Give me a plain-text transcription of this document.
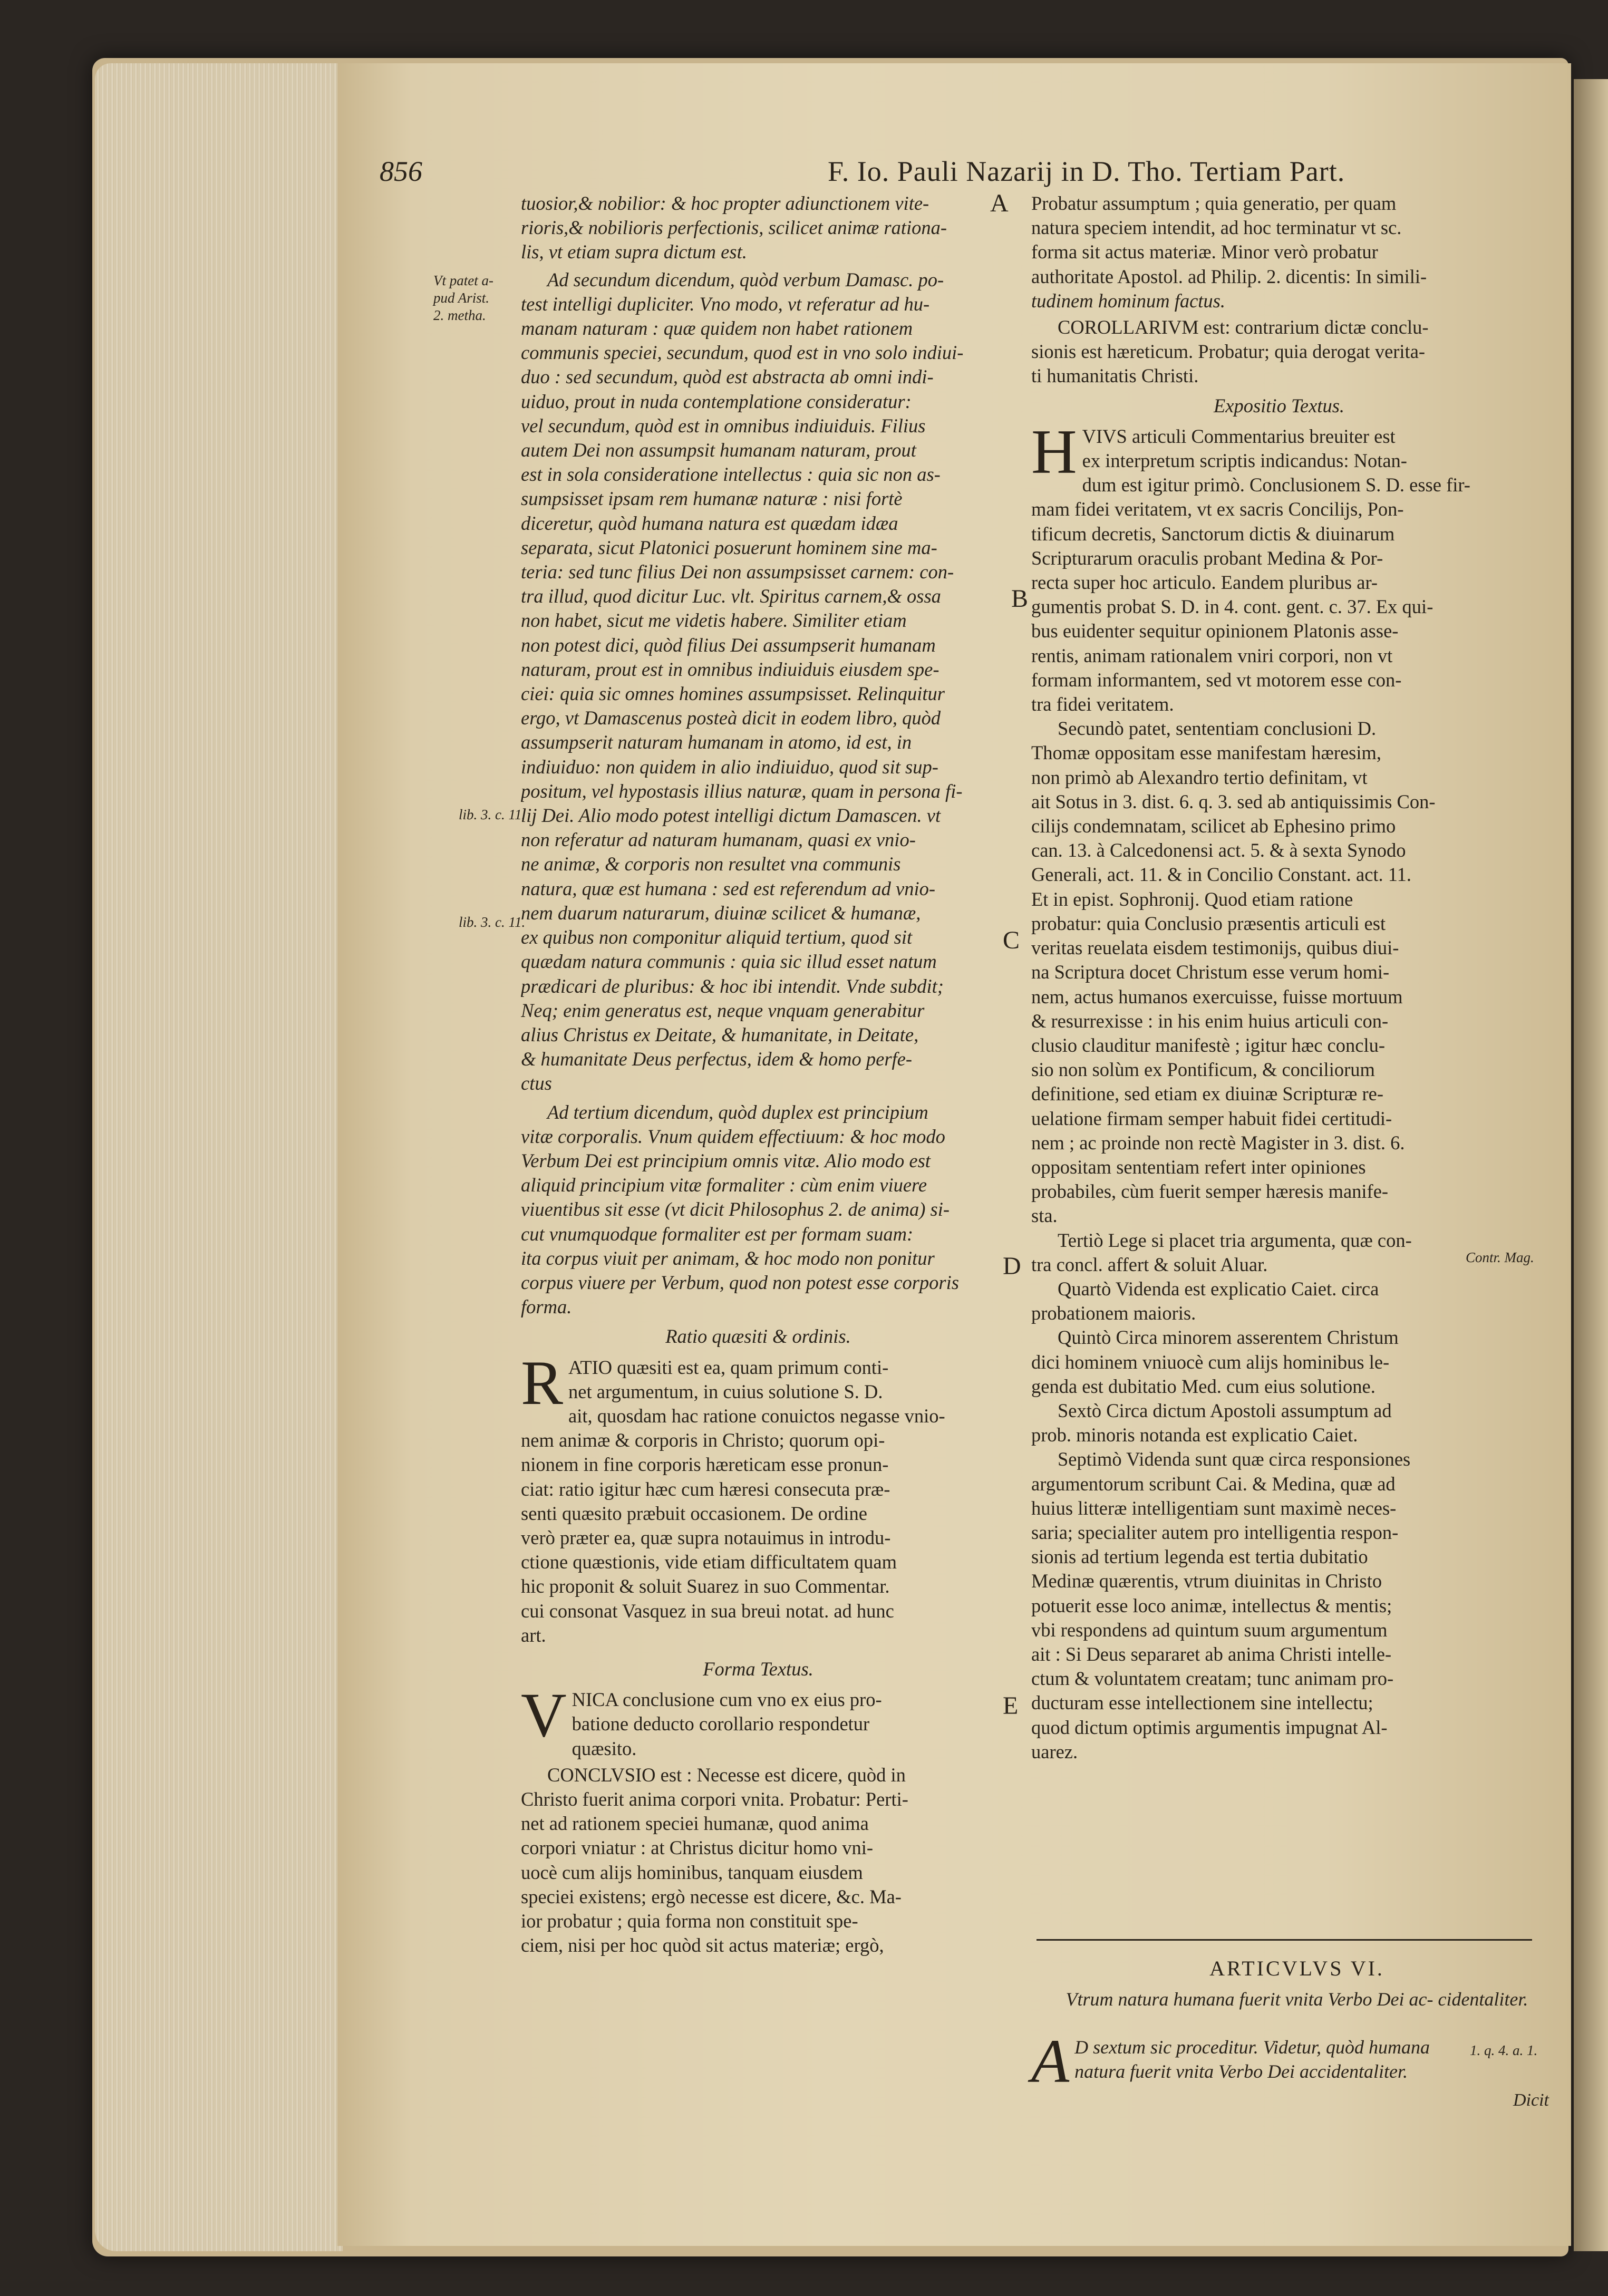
856	F. Io. Pauli Nazarij in D. Tho. Tertiam Part.
Vt patet a-
pud Arist.
2. metha.
lib. 3. c. 11.
lib. 3. c. 11.
1. q. 4. a. 1.
Contr. Mag.
A
B
C
D
E
tuosior,& nobilior: & hoc propter adiunctionem vite-
rioris,& nobilioris perfectionis, scilicet animæ rationa-
lis, vt etiam supra dictum est.
Ad secundum dicendum, quòd verbum Damasc. po-
test intelligi dupliciter. Vno modo, vt referatur ad hu-
manam naturam : quæ quidem non habet rationem
communis speciei, secundum, quod est in vno solo indiui-
duo : sed secundum, quòd est abstracta ab omni indi-
uiduo, prout in nuda contemplatione consideratur:
vel secundum, quòd est in omnibus indiuiduis. Filius
autem Dei non assumpsit humanam naturam, prout
est in sola consideratione intellectus : quia sic non as-
sumpsisset ipsam rem humanæ naturæ : nisi fortè
diceretur, quòd humana natura est quædam idæa
separata, sicut Platonici posuerunt hominem sine ma-
teria: sed tunc filius Dei non assumpsisset carnem: con-
tra illud, quod dicitur Luc. vlt. Spiritus carnem,& ossa
non habet, sicut me videtis habere. Similiter etiam
non potest dici, quòd filius Dei assumpserit humanam
naturam, prout est in omnibus indiuiduis eiusdem spe-
ciei: quia sic omnes homines assumpsisset. Relinquitur
ergo, vt Damascenus posteà dicit in eodem libro, quòd
assumpserit naturam humanam in atomo, id est, in
indiuiduo: non quidem in alio indiuiduo, quod sit sup-
positum, vel hypostasis illius naturæ, quam in persona fi-
lij Dei. Alio modo potest intelligi dictum Damascen. vt
non referatur ad naturam humanam, quasi ex vnio-
ne animæ, & corporis non resultet vna communis
natura, quæ est humana : sed est referendum ad vnio-
nem duarum naturarum, diuinæ scilicet & humanæ,
ex quibus non componitur aliquid tertium, quod sit
quædam natura communis : quia sic illud esset natum
prædicari de pluribus: & hoc ibi intendit. Vnde subdit;
Neq; enim generatus est, neque vnquam generabitur
alius Christus ex Deitate, & humanitate, in Deitate,
& humanitate Deus perfectus, idem & homo perfe-
ctus
Ad tertium dicendum, quòd duplex est principium
vitæ corporalis. Vnum quidem effectiuum: & hoc modo
Verbum Dei est principium omnis vitæ. Alio modo est
aliquid principium vitæ formaliter : cùm enim viuere
viuentibus sit esse (vt dicit Philosophus 2. de anima) si-
cut vnumquodque formaliter est per formam suam:
ita corpus viuit per animam, & hoc modo non ponitur
corpus viuere per Verbum, quod non potest esse corporis
forma.
Ratio quæsiti & ordinis.
R ATIO quæsiti est ea, quam primum conti-
net argumentum, in cuius solutione S. D.
ait, quosdam hac ratione conuictos negasse vnio-
nem animæ & corporis in Christo; quorum opi-
nionem in fine corporis hæreticam esse pronun-
ciat: ratio igitur hæc cum hæresi consecuta præ-
senti quæsito præbuit occasionem. De ordine
verò præter ea, quæ supra notauimus in introdu-
ctione quæstionis, vide etiam difficultatem quam
hic proponit & soluit Suarez in suo Commentar.
cui consonat Vasquez in sua breui notat. ad hunc
art.
Forma Textus.
V NICA conclusione cum vno ex eius pro-
batione deducto corollario respondetur
quæsito.
CONCLVSIO est : Necesse est dicere, quòd in
Christo fuerit anima corpori vnita. Probatur: Perti-
net ad rationem speciei humanæ, quod anima
corpori vniatur : at Christus dicitur homo vni-
uocè cum alijs hominibus, tanquam eiusdem
speciei existens; ergò necesse est dicere, &c. Ma-
ior probatur ; quia forma non constituit spe-
ciem, nisi per hoc quòd sit actus materiæ; ergò,
Probatur assumptum ; quia generatio, per quam
natura speciem intendit, ad hoc terminatur vt sc.
forma sit actus materiæ. Minor verò probatur
authoritate Apostol. ad Philip. 2. dicentis: In simili-
tudinem hominum factus.
COROLLARIVM est: contrarium dictæ conclu-
sionis est hæreticum. Probatur; quia derogat verita-
ti humanitatis Christi.
Expositio Textus.
H VIVS articuli Commentarius breuiter est
ex interpretum scriptis indicandus: Notan-
dum est igitur primò. Conclusionem S. D. esse fir-
mam fidei veritatem, vt ex sacris Concilijs, Pon-
tificum decretis, Sanctorum dictis & diuinarum
Scripturarum oraculis probant Medina & Por-
recta super hoc articulo. Eandem pluribus ar-
gumentis probat S. D. in 4. cont. gent. c. 37. Ex qui-
bus euidenter sequitur opinionem Platonis asse-
rentis, animam rationalem vniri corpori, non vt
formam informantem, sed vt motorem esse con-
tra fidei veritatem.
Secundò patet, sententiam conclusioni D.
Thomæ oppositam esse manifestam hæresim,
non primò ab Alexandro tertio definitam, vt
ait Sotus in 3. dist. 6. q. 3. sed ab antiquissimis Con-
cilijs condemnatam, scilicet ab Ephesino primo
can. 13. à Calcedonensi act. 5. & à sexta Synodo
Generali, act. 11. & in Concilio Constant. act. 11.
Et in epist. Sophronij. Quod etiam ratione
probatur: quia Conclusio præsentis articuli est
veritas reuelata eisdem testimonijs, quibus diui-
na Scriptura docet Christum esse verum homi-
nem, actus humanos exercuisse, fuisse mortuum
& resurrexisse : in his enim huius articuli con-
clusio clauditur manifestè ; igitur hæc conclu-
sio non solùm ex Pontificum, & conciliorum
definitione, sed etiam ex diuinæ Scripturæ re-
uelatione firmam semper habuit fidei certitudi-
nem ; ac proinde non rectè Magister in 3. dist. 6.
oppositam sententiam refert inter opiniones
probabiles, cùm fuerit semper hæresis manife-
sta.
Tertiò Lege si placet tria argumenta, quæ con-
tra concl. affert & soluit Aluar.
Quartò Videnda est explicatio Caiet. circa
probationem maioris.
Quintò Circa minorem asserentem Christum
dici hominem vniuocè cum alijs hominibus le-
genda est dubitatio Med. cum eius solutione.
Sextò Circa dictum Apostoli assumptum ad
prob. minoris notanda est explicatio Caiet.
Septimò Videnda sunt quæ circa responsiones
argumentorum scribunt Cai. & Medina, quæ ad
huius litteræ intelligentiam sunt maximè neces-
saria; specialiter autem pro intelligentia respon-
sionis ad tertium legenda est tertia dubitatio
Medinæ quærentis, vtrum diuinitas in Christo
potuerit esse loco animæ, intellectus & mentis;
vbi respondens ad quintum suum argumentum
ait : Si Deus separaret ab anima Christi intelle-
ctum & voluntatem creatam; tunc animam pro-
ducturam esse intellectionem sine intellectu;
quod dictum optimis argumentis impugnat Al-
uarez.
ARTICVLVS VI.
Vtrum natura humana fuerit vnita Verbo Dei ac- cidentaliter.
A D sextum sic proceditur. Videtur, quòd humana
natura fuerit vnita Verbo Dei accidentaliter.
Dicit
